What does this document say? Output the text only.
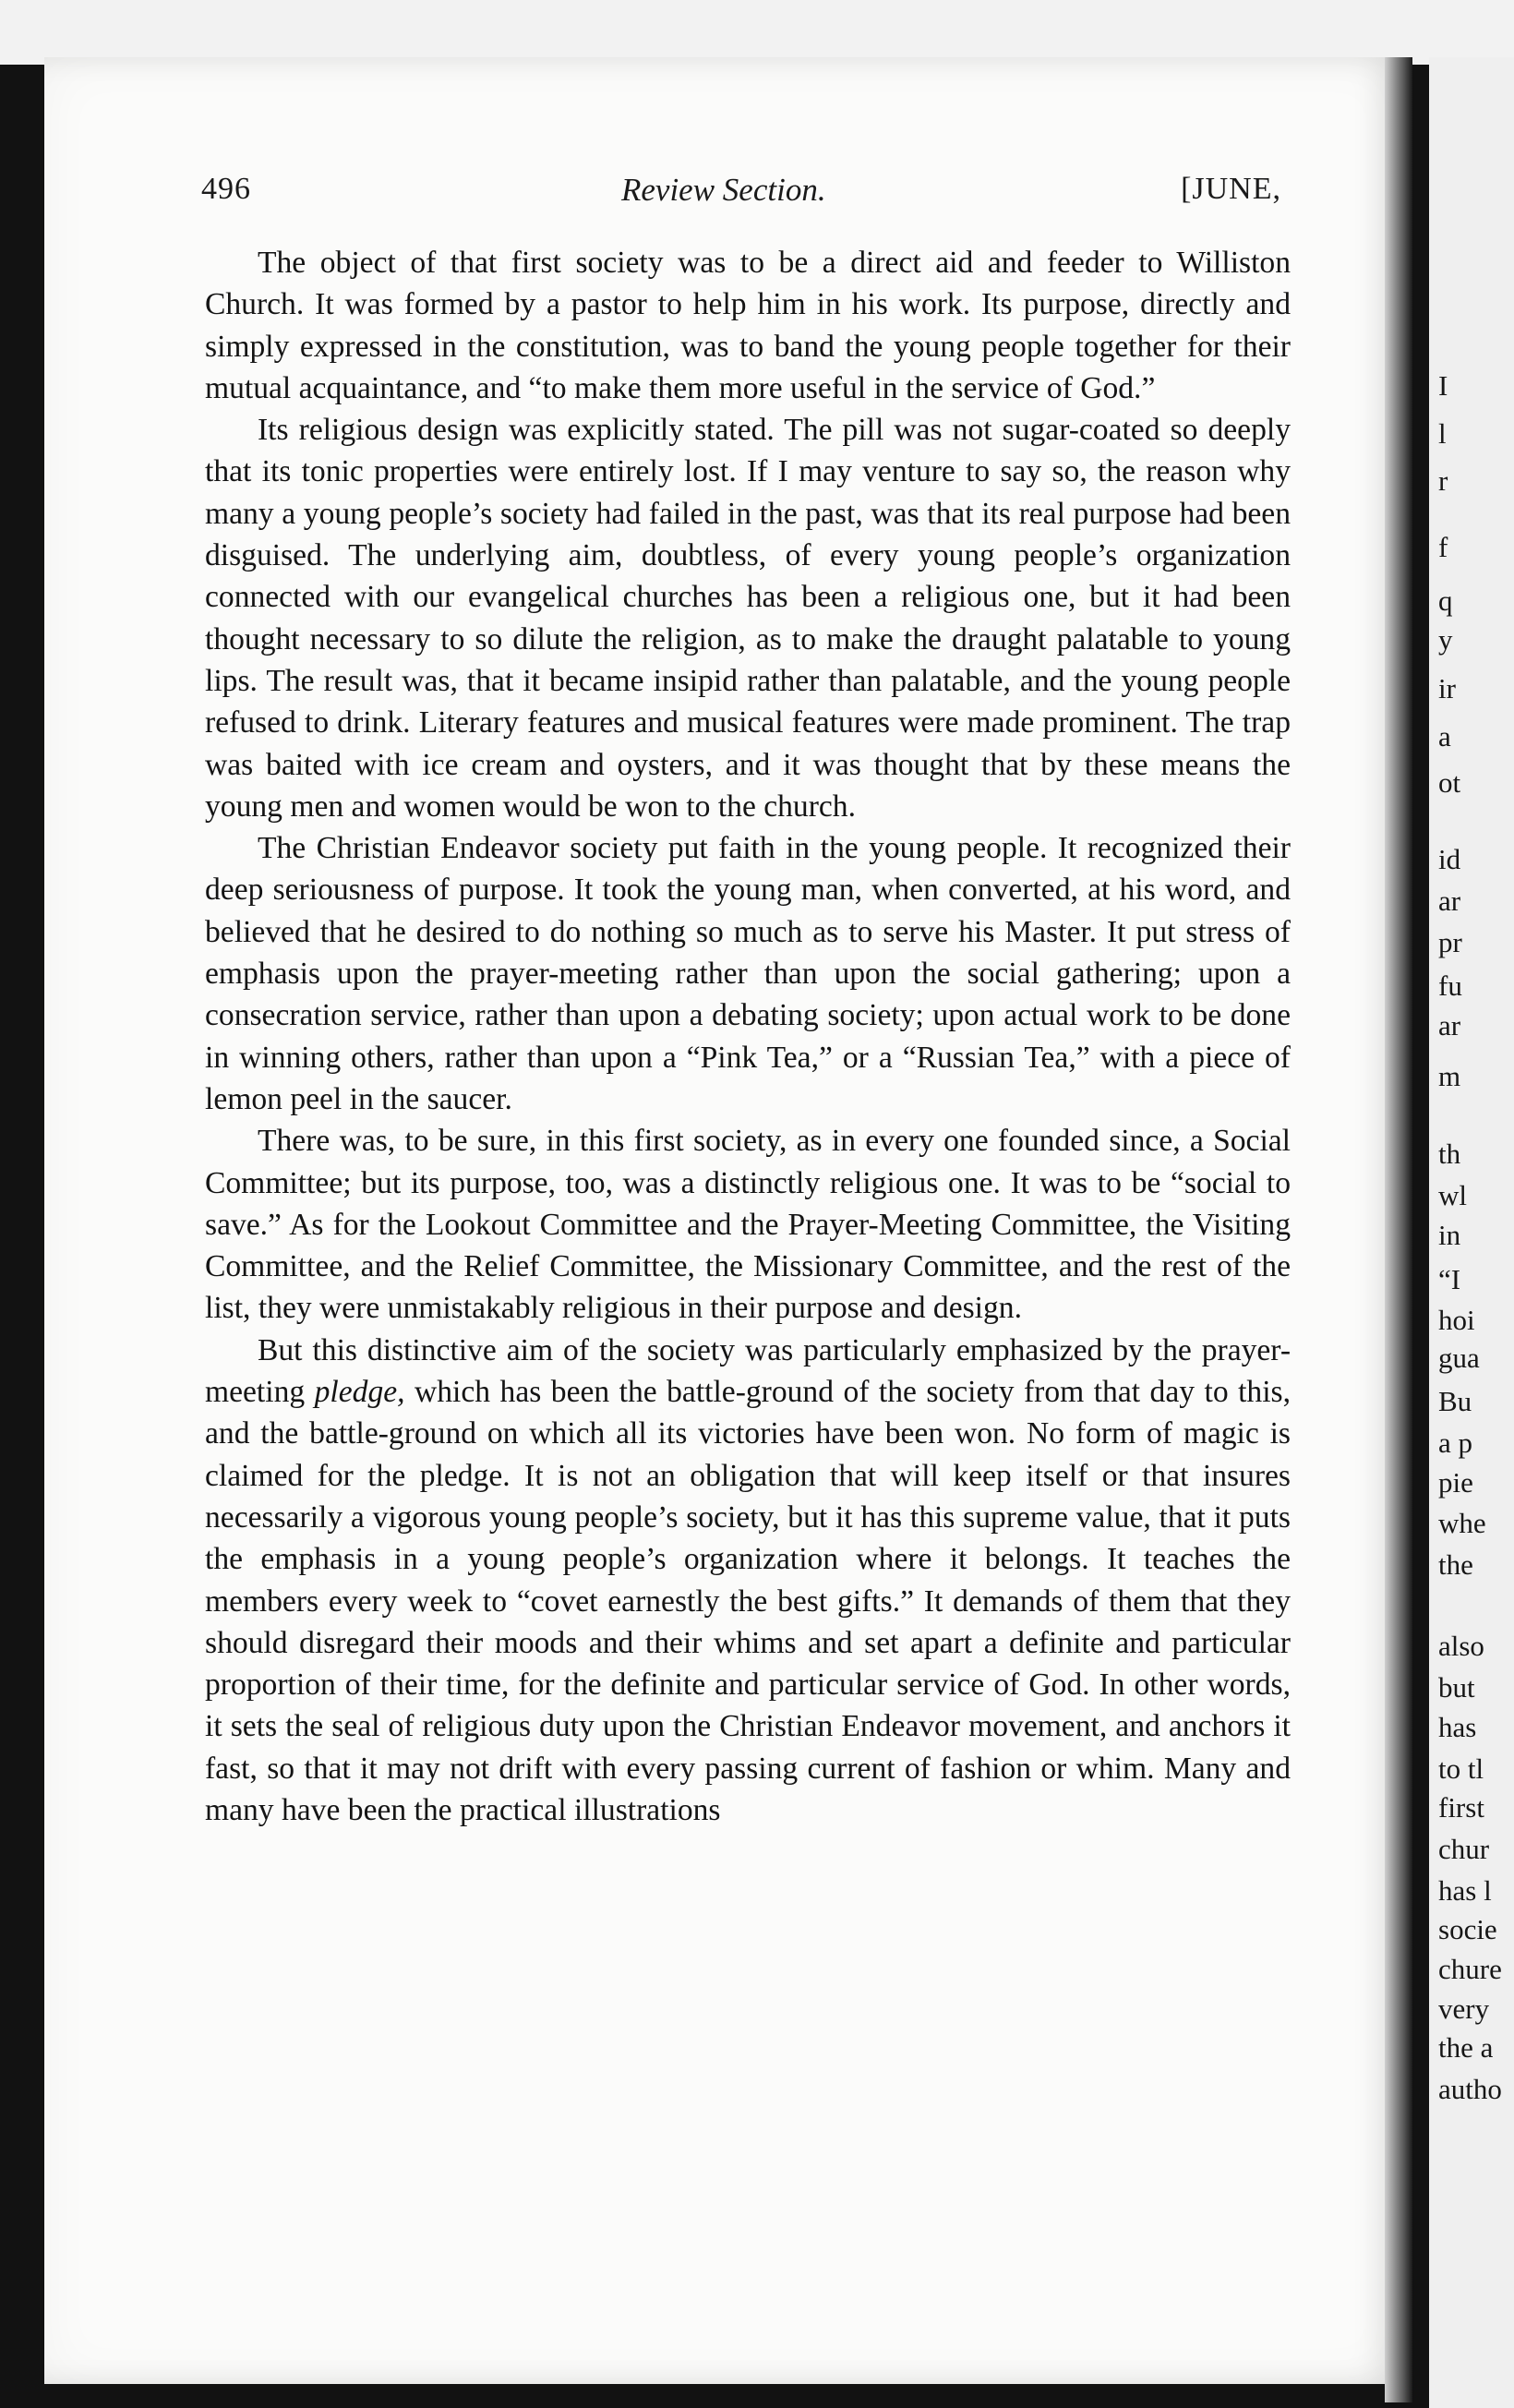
496	Review Section.	[JUNE,

The object of that first society was to be a direct aid and feeder to Williston Church. It was formed by a pastor to help him in his work. Its purpose, directly and simply expressed in the constitution, was to band the young people together for their mutual acquaintance, and “to make them more useful in the service of God.”

Its religious design was explicitly stated. The pill was not sugar-coated so deeply that its tonic properties were entirely lost. If I may venture to say so, the reason why many a young people’s society had failed in the past, was that its real purpose had been disguised. The underlying aim, doubtless, of every young people’s organization connected with our evangelical churches has been a religious one, but it had been thought necessary to so dilute the religion, as to make the draught palatable to young lips. The result was, that it became insipid rather than palatable, and the young people refused to drink. Literary features and musical features were made prominent. The trap was baited with ice cream and oysters, and it was thought that by these means the young men and women would be won to the church.

The Christian Endeavor society put faith in the young people. It recognized their deep seriousness of purpose. It took the young man, when converted, at his word, and believed that he desired to do nothing so much as to serve his Master. It put stress of emphasis upon the prayer-meeting rather than upon the social gathering; upon a consecration service, rather than upon a debating society; upon actual work to be done in winning others, rather than upon a “Pink Tea,” or a “Russian Tea,” with a piece of lemon peel in the saucer.

There was, to be sure, in this first society, as in every one founded since, a Social Committee; but its purpose, too, was a distinctly religious one. It was to be “social to save.” As for the Lookout Committee and the Prayer-Meeting Committee, the Visiting Committee, and the Relief Committee, the Missionary Committee, and the rest of the list, they were unmistakably religious in their purpose and design.

But this distinctive aim of the society was particularly emphasized by the prayer-meeting pledge, which has been the battle-ground of the society from that day to this, and the battle-ground on which all its victories have been won. No form of magic is claimed for the pledge. It is not an obligation that will keep itself or that insures necessarily a vigorous young people’s society, but it has this supreme value, that it puts the emphasis in a young people’s organization where it belongs. It teaches the members every week to “covet earnestly the best gifts.” It demands of them that they should disregard their moods and their whims and set apart a definite and particular proportion of their time, for the definite and particular service of God. In other words, it sets the seal of religious duty upon the Christian Endeavor movement, and anchors it fast, so that it may not drift with every passing current of fashion or whim. Many and many have been the practical illustrations

I
l
r
f
q
y
ir
a
ot
id
ar
pr
fu
ar
m
th
wl
in
“I
hoi
gua
Bu
a p
pie
whe
the
also
but
has
to tl
first
chur
has l
socie
chure
very
the a
autho
